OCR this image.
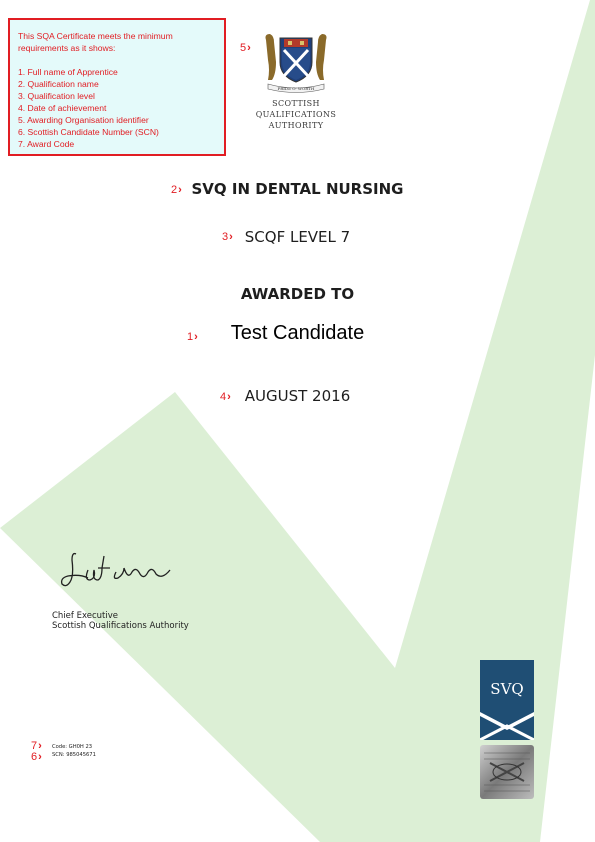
This SQA Certificate meets the minimum requirements as it shows:

1. Full name of Apprentice
2. Qualification name
3. Qualification level
4. Date of achievement
5. Awarding Organisation identifier
6. Scottish Candidate Number (SCN)
7. Award Code
5›
PRIDE O' WORTH
SCOTTISH
QUALIFICATIONS
AUTHORITY
2› SVQ IN DENTAL NURSING
3› SCQF LEVEL 7
AWARDED TO
1›	Test Candidate
4› AUGUST 2016
Chief Executive
Scottish Qualifications Authority
7›
6›
Code: GH0H 23
SCN: 985045671
SVQ
